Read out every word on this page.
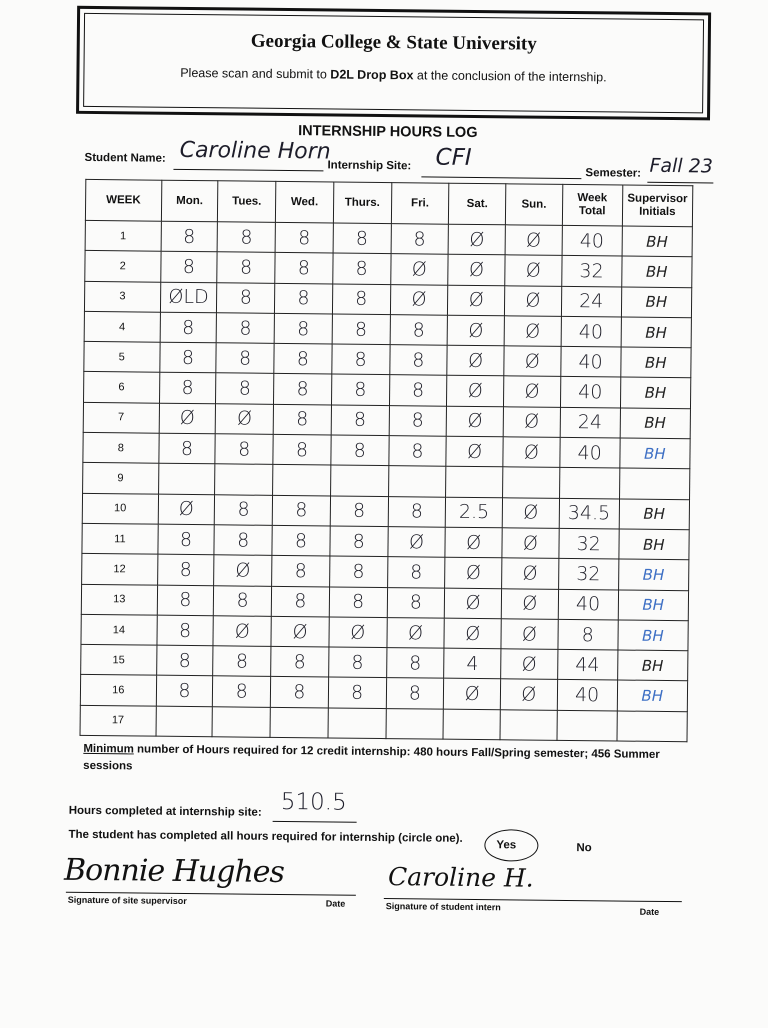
Georgia College & State University
Please scan and submit to D2L Drop Box at the conclusion of the internship.
INTERNSHIP HOURS LOG
Student Name: Caroline Horn
Internship Site: CFI
Semester: Fall 23
WEEK	Mon.	Tues.	Wed.	Thurs.	Fri.	Sat.	Sun.	Week Total	Supervisor Initials
1	8	8	8	8	8	Ø	Ø	40	BH
2	8	8	8	8	Ø	Ø	Ø	32	BH
3	ØLD	8	8	8	Ø	Ø	Ø	24	BH
4	8	8	8	8	8	Ø	Ø	40	BH
5	8	8	8	8	8	Ø	Ø	40	BH
6	8	8	8	8	8	Ø	Ø	40	BH
7	Ø	Ø	8	8	8	Ø	Ø	24	BH
8	8	8	8	8	8	Ø	Ø	40	BH
9									
10	Ø	8	8	8	8	2.5	Ø	34.5	BH
11	8	8	8	8	Ø	Ø	Ø	32	BH
12	8	Ø	8	8	8	Ø	Ø	32	BH
13	8	8	8	8	8	Ø	Ø	40	BH
14	8	Ø	Ø	Ø	Ø	Ø	Ø	8	BH
15	8	8	8	8	8	4	Ø	44	BH
16	8	8	8	8	8	Ø	Ø	40	BH
17									
Minimum number of Hours required for 12 credit internship: 480 hours Fall/Spring semester; 456 Summer sessions
Hours completed at internship site: 510.5
The student has completed all hours required for internship (circle one).
Yes	No
Bonnie Hughes
Signature of site supervisor	Date
Caroline H.
Signature of student intern	Date
